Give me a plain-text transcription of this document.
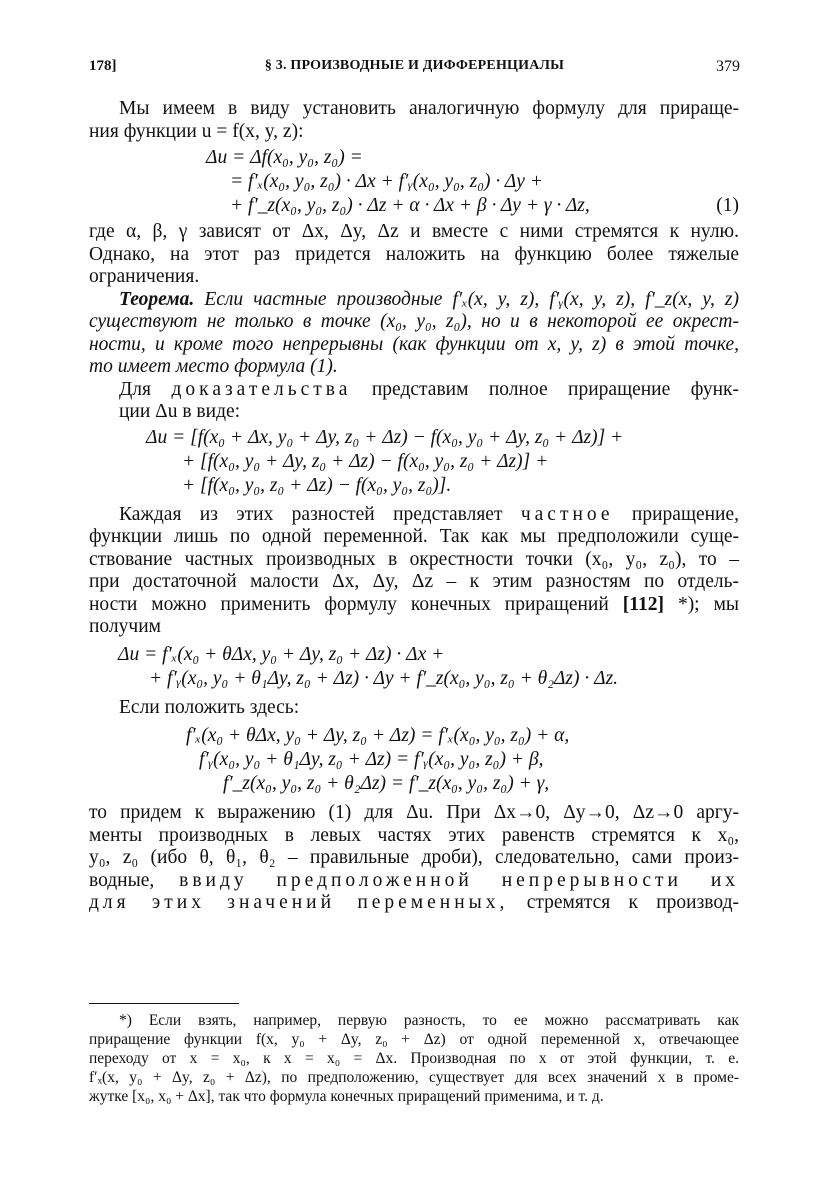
178]	§ 3. ПРОИЗВОДНЫЕ И ДИФФЕРЕНЦИАЛЫ	379

Мы имеем в виду установить аналогичную формулу для прираще-

ния функции u = f(x, y, z):

Δu = Δf(x₀, y₀, z₀) =
= f′ₓ(x₀, y₀, z₀) · Δx + f′ᵧ(x₀, y₀, z₀) · Δy +
+ f′_z(x₀, y₀, z₀) · Δz + α · Δx + β · Δy + γ · Δz,	(1)

где α, β, γ зависят от Δx, Δy, Δz и вместе с ними стремятся к нулю.

Однако, на этот раз придется наложить на функцию более тяжелые

ограничения.

Теорема. Если частные производные f′ₓ(x, y, z), f′ᵧ(x, y, z), f′_z(x, y, z)

существуют не только в точке (x₀, y₀, z₀), но и в некоторой ее окрест-

ности, и кроме того непрерывны (как функции от x, y, z) в этой точке,

то имеет место формула (1).

Для доказательства представим полное приращение функ-

ции Δu в виде:

Δu = [f(x₀ + Δx, y₀ + Δy, z₀ + Δz) − f(x₀, y₀ + Δy, z₀ + Δz)] +
+ [f(x₀, y₀ + Δy, z₀ + Δz) − f(x₀, y₀, z₀ + Δz)] +
+ [f(x₀, y₀, z₀ + Δz) − f(x₀, y₀, z₀)].

Каждая из этих разностей представляет частное приращение,

функции лишь по одной переменной. Так как мы предположили суще-

ствование частных производных в окрестности точки (x₀, y₀, z₀), то –

при достаточной малости Δx, Δy, Δz – к этим разностям по отдель-

ности можно применить формулу конечных приращений [112] *); мы

получим

Δu = f′ₓ(x₀ + θΔx, y₀ + Δy, z₀ + Δz) · Δx +
+ f′ᵧ(x₀, y₀ + θ₁Δy, z₀ + Δz) · Δy + f′_z(x₀, y₀, z₀ + θ₂Δz) · Δz.

Если положить здесь:

f′ₓ(x₀ + θΔx, y₀ + Δy, z₀ + Δz) = f′ₓ(x₀, y₀, z₀) + α,
f′ᵧ(x₀, y₀ + θ₁Δy, z₀ + Δz) = f′ᵧ(x₀, y₀, z₀) + β,
f′_z(x₀, y₀, z₀ + θ₂Δz) = f′_z(x₀, y₀, z₀) + γ,

то придем к выражению (1) для Δu. При Δx→0, Δy→0, Δz→0 аргу-

менты производных в левых частях этих равенств стремятся к x₀,

y₀, z₀ (ибо θ, θ₁, θ₂ – правильные дроби), следовательно, сами произ-

водные, ввиду предположенной непрерывности их

для этих значений переменных, стремятся к производ-

*) Если взять, например, первую разность, то ее можно рассматривать как

приращение функции f(x, y₀ + Δy, z₀ + Δz) от одной переменной x, отвечающее

переходу от x = x₀, к x = x₀ = Δx. Производная по x от этой функции, т. е.

f′ₓ(x, y₀ + Δy, z₀ + Δz), по предположению, существует для всех значений x в проме-

жутке [x₀, x₀ + Δx], так что формула конечных приращений применима, и т. д.
